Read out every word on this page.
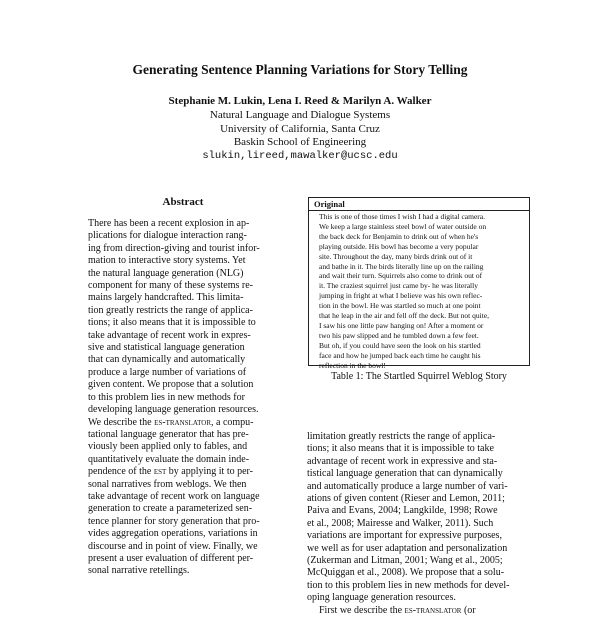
Generating Sentence Planning Variations for Story Telling
Stephanie M. Lukin, Lena I. Reed & Marilyn A. Walker
Natural Language and Dialogue Systems
University of California, Santa Cruz
Baskin School of Engineering
slukin,lireed,mawalker@ucsc.edu
Abstract
There has been a recent explosion in ap-
plications for dialogue interaction rang-
ing from direction-giving and tourist infor-
mation to interactive story systems. Yet
the natural language generation (NLG)
component for many of these systems re-
mains largely handcrafted. This limita-
tion greatly restricts the range of applica-
tions; it also means that it is impossible to
take advantage of recent work in expres-
sive and statistical language generation
that can dynamically and automatically
produce a large number of variations of
given content. We propose that a solution
to this problem lies in new methods for
developing language generation resources.
We describe the es-translator, a compu-
tational language generator that has pre-
viously been applied only to fables, and
quantitatively evaluate the domain inde-
pendence of the est by applying it to per-
sonal narratives from weblogs. We then
take advantage of recent work on language
generation to create a parameterized sen-
tence planner for story generation that pro-
vides aggregation operations, variations in
discourse and in point of view. Finally, we
present a user evaluation of different per-
sonal narrative retellings.
Original
This is one of those times I wish I had a digital camera.
We keep a large stainless steel bowl of water outside on
the back deck for Benjamin to drink out of when he's
playing outside. His bowl has become a very popular
site. Throughout the day, many birds drink out of it
and bathe in it. The birds literally line up on the railing
and wait their turn. Squirrels also come to drink out of
it. The craziest squirrel just came by- he was literally
jumping in fright at what I believe was his own reflec-
tion in the bowl. He was startled so much at one point
that he leap in the air and fell off the deck. But not quite,
I saw his one little paw hanging on! After a moment or
two his paw slipped and he tumbled down a few feet.
But oh, if you could have seen the look on his startled
face and how he jumped back each time he caught his
reflection in the bowl!
Table 1: The Startled Squirrel Weblog Story
limitation greatly restricts the range of applica-
tions; it also means that it is impossible to take
advantage of recent work in expressive and sta-
tistical language generation that can dynamically
and automatically produce a large number of vari-
ations of given content (Rieser and Lemon, 2011;
Paiva and Evans, 2004; Langkilde, 1998; Rowe
et al., 2008; Mairesse and Walker, 2011). Such
variations are important for expressive purposes,
we well as for user adaptation and personalization
(Zukerman and Litman, 2001; Wang et al., 2005;
McQuiggan et al., 2008). We propose that a solu-
tion to this problem lies in new methods for devel-
oping language generation resources.
First we describe the es-translator (or
